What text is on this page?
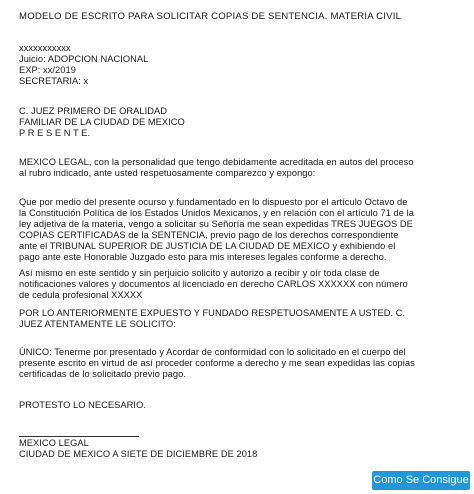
MODELO DE ESCRITO PARA SOLICITAR COPIAS DE SENTENCIA. MATERIA CIVIL
xxxxxxxxxxx
Juicio: ADOPCION NACIONAL
EXP: xx/2019
SECRETARIA: x
C. JUEZ PRIMERO DE ORALIDAD
FAMILIAR DE LA CIUDAD DE MEXICO
P R E S E N T E.
MEXICO LEGAL, con la personalidad que tengo debidamente acreditada en autos del proceso
al rubro indicado, ante usted respetuosamente comparezco y expongo:
Que por medio del presente ocurso y fundamentado en lo dispuesto por el artículo Octavo de
la Constitución Política de los Estados Unidos Mexicanos, y en relación con el artículo 71 de la
ley adjetiva de la materia, vengo a solicitar su Señoría me sean expedidas TRES JUEGOS DE
COPIAS CERTIFICADAS de la SENTENCIA, previo pago de los derechos correspondiente
ante el TRIBUNAL SUPERIOR DE JUSTICIA DE LA CIUDAD DE MEXICO y exhibiendo el
pago ante este Honorable Juzgado esto para mis intereses legales conforme a derecho.
Así mismo en este sentido y sin perjuicio solicito y autorizo a recibir y oír toda clase de
notificaciones valores y documentos al licenciado en derecho CARLOS XXXXXX con número
de cedula profesional XXXXX
POR LO ANTERIORMENTE EXPUESTO Y FUNDADO RESPETUOSAMENTE A USTED. C.
JUEZ ATENTAMENTE LE SOLICITO:
ÚNICO: Tenerme por presentado y Acordar de conformidad con lo solicitado en el cuerpo del
presente escrito en virtud de así proceder conforme a derecho y me sean expedidas las copias
certificadas de lo solicitado previo pago.
PROTESTO LO NECESARIO.
MEXICO LEGAL
CIUDAD DE MEXICO A SIETE DE DICIEMBRE DE 2018
Como Se Consigue
